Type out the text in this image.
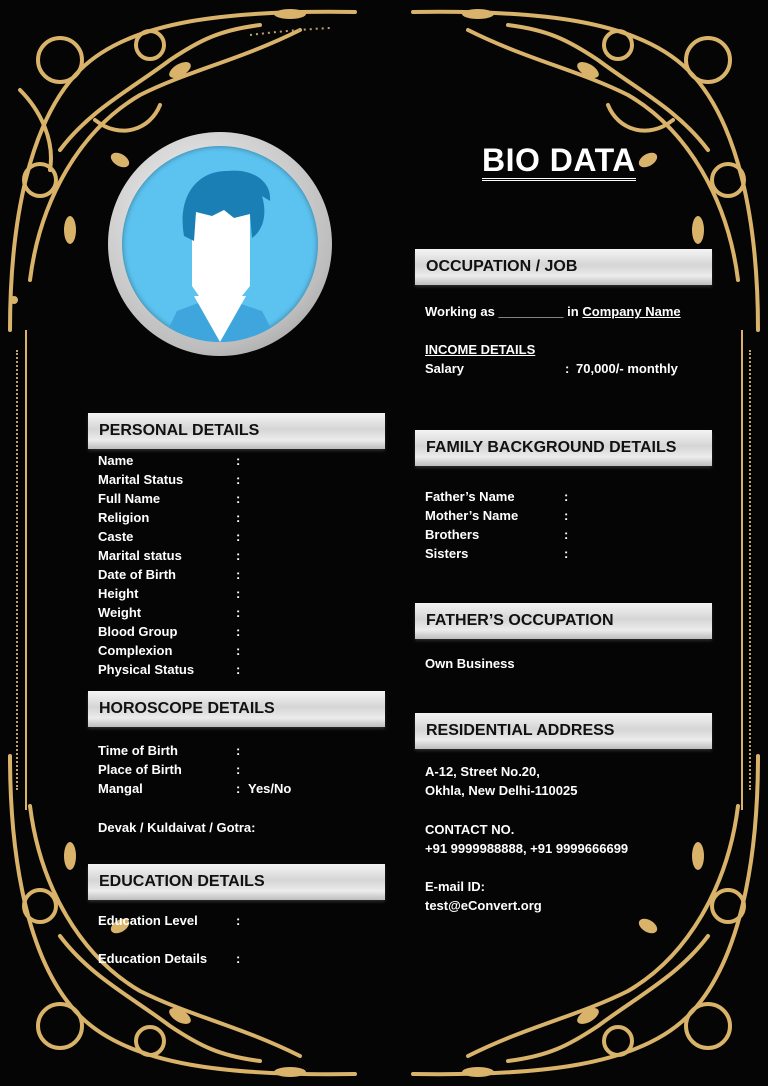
BIO DATA
PERSONAL DETAILS
Name	:
Marital Status	:
Full Name	:
Religion	:
Caste	:
Marital status	:
Date of Birth	:
Height	:
Weight	:
Blood Group	:
Complexion	:
Physical Status	:
HOROSCOPE DETAILS
Time of Birth	:
Place of Birth	:
Mangal	: Yes/No
Devak / Kuldaivat / Gotra:
EDUCATION DETAILS
Education Level	:
Education Details :
OCCUPATION / JOB
Working as _________ in Company Name
INCOME DETAILS
Salary	: 70,000/- monthly
FAMILY BACKGROUND DETAILS
Father’s Name	:
Mother’s Name	:
Brothers	:
Sisters	:
FATHER’S OCCUPATION
Own Business
RESIDENTIAL ADDRESS
A-12, Street No.20,
Okhla, New Delhi-110025
CONTACT NO.
+91 9999988888, +91 9999666699
E-mail ID:
test@eConvert.org
